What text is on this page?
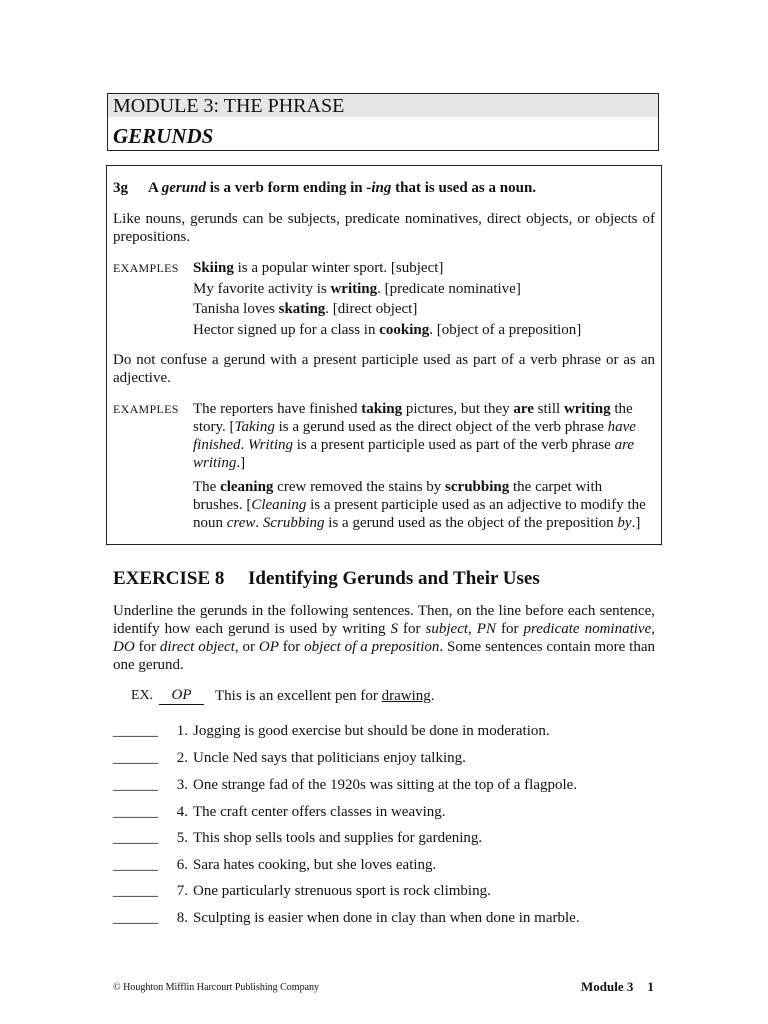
MODULE 3: THE PHRASE
GERUNDS
3g A gerund is a verb form ending in -ing that is used as a noun.
Like nouns, gerunds can be subjects, predicate nominatives, direct objects, or objects of prepositions.
EXAMPLES Skiing is a popular winter sport. [subject]
My favorite activity is writing. [predicate nominative]
Tanisha loves skating. [direct object]
Hector signed up for a class in cooking. [object of a preposition]
Do not confuse a gerund with a present participle used as part of a verb phrase or as an adjective.
EXAMPLES The reporters have finished taking pictures, but they are still writing the story. [Taking is a gerund used as the direct object of the verb phrase have finished. Writing is a present participle used as part of the verb phrase are writing.]
The cleaning crew removed the stains by scrubbing the carpet with brushes. [Cleaning is a present participle used as an adjective to modify the noun crew. Scrubbing is a gerund used as the object of the preposition by.]
EXERCISE 8 Identifying Gerunds and Their Uses
Underline the gerunds in the following sentences. Then, on the line before each sentence, identify how each gerund is used by writing S for subject, PN for predicate nominative, DO for direct object, or OP for object of a preposition. Some sentences contain more than one gerund.
EX.	OP	This is an excellent pen for drawing.
______	1. Jogging is good exercise but should be done in moderation.
______	2. Uncle Ned says that politicians enjoy talking.
______	3. One strange fad of the 1920s was sitting at the top of a flagpole.
______	4. The craft center offers classes in weaving.
______	5. This shop sells tools and supplies for gardening.
______	6. Sara hates cooking, but she loves eating.
______	7. One particularly strenuous sport is rock climbing.
______	8. Sculpting is easier when done in clay than when done in marble.
© Houghton Mifflin Harcourt Publishing Company	Module 3 1
